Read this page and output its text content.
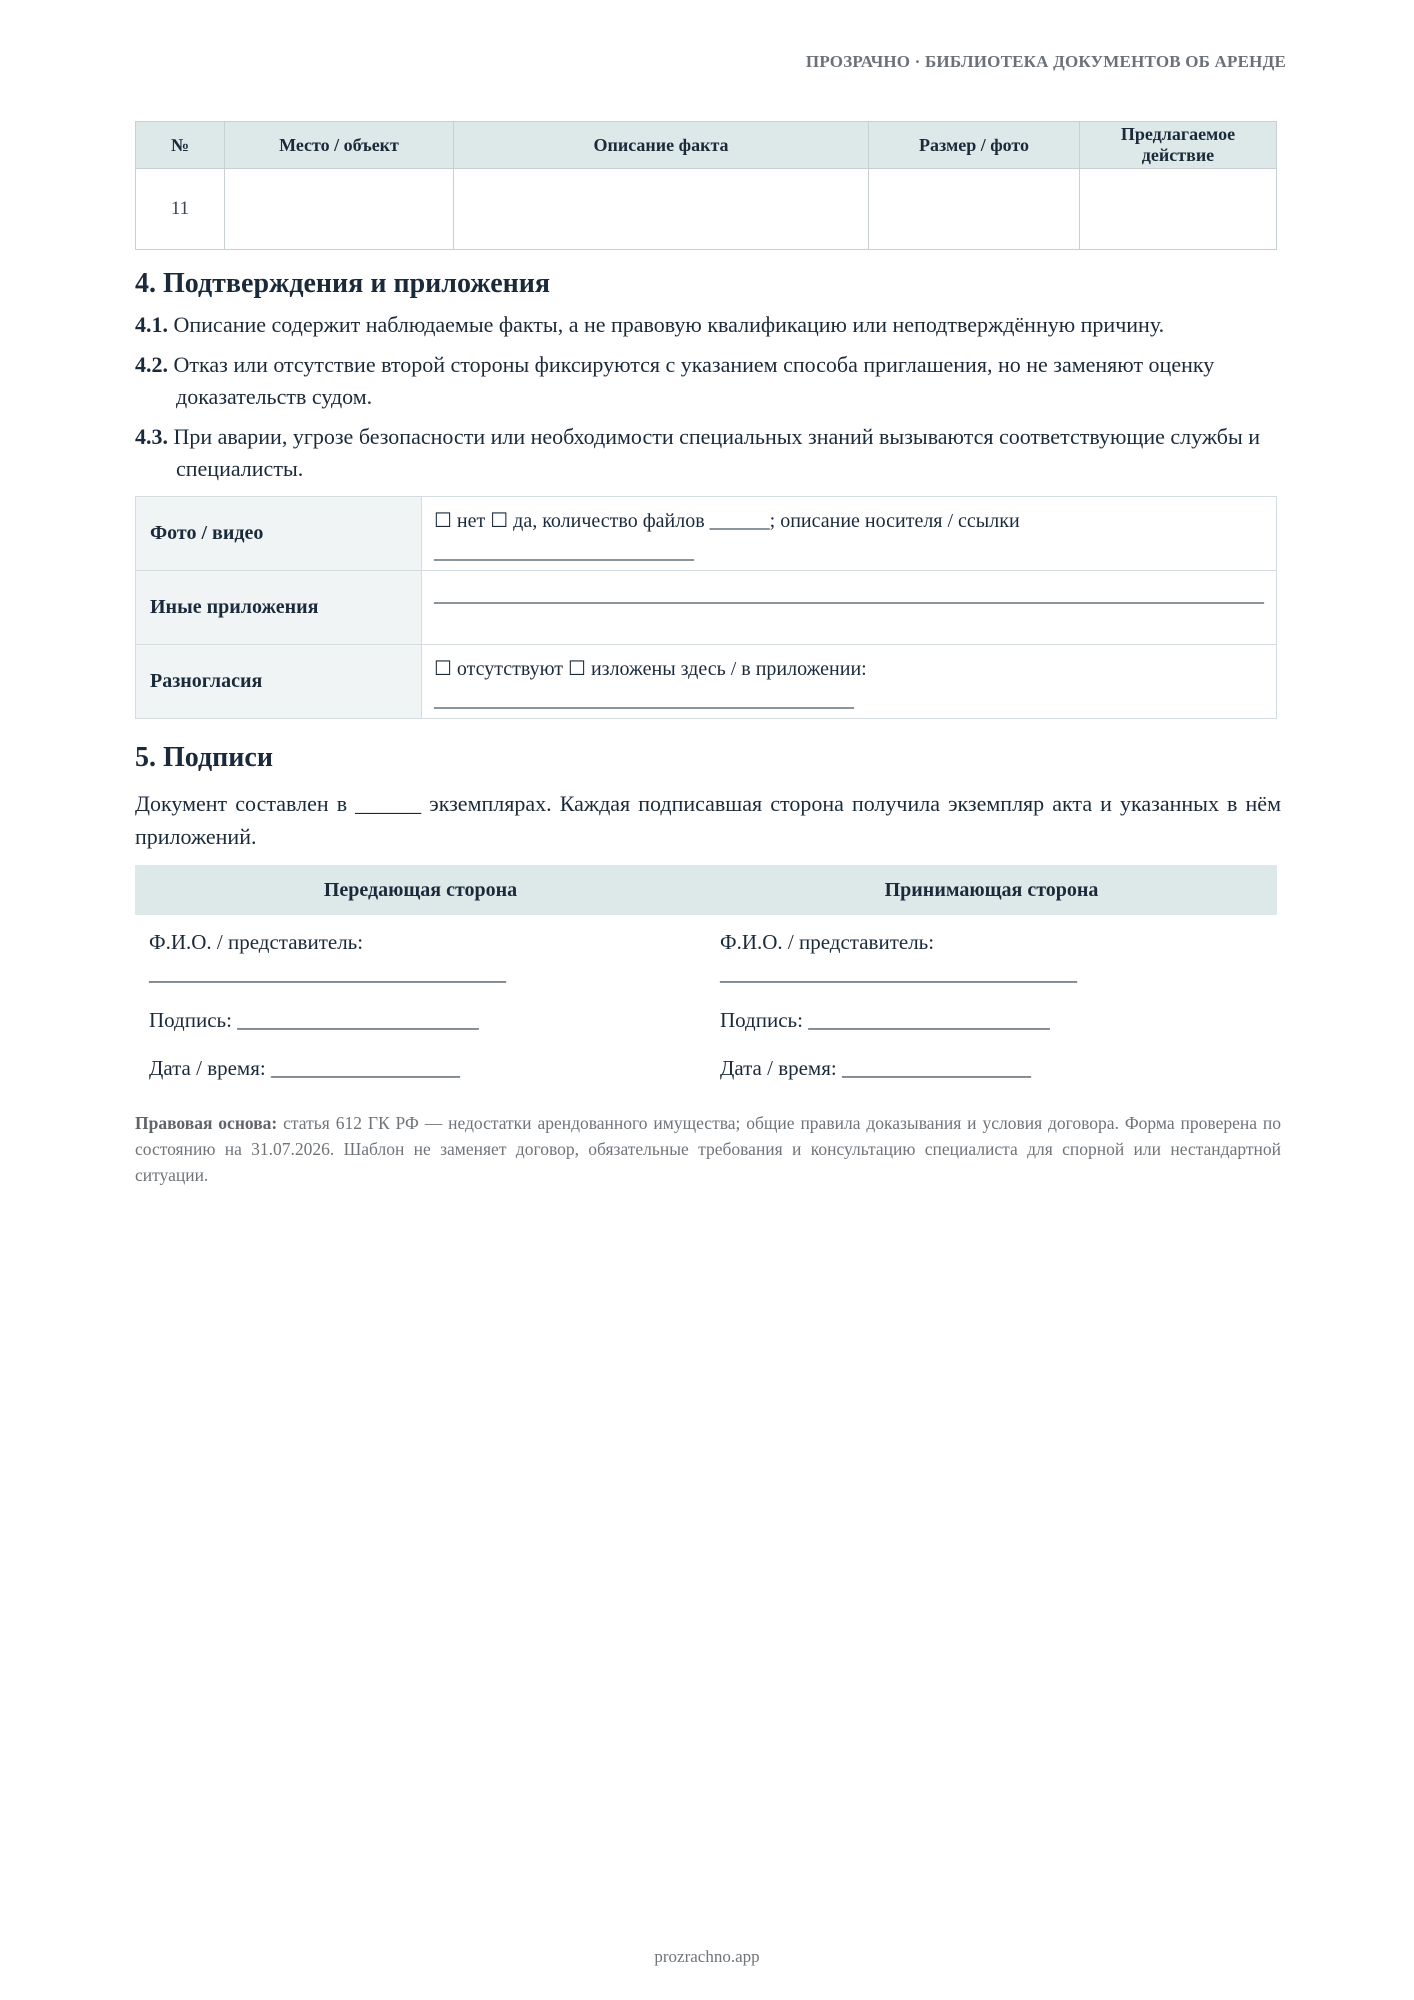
ПРОЗРАЧНО · БИБЛИОТЕКА ДОКУМЕНТОВ ОБ АРЕНДЕ
№	Место / объект	Описание факта	Размер / фото	Предлагаемое действие
11				
4. Подтверждения и приложения
4.1. Описание содержит наблюдаемые факты, а не правовую квалификацию или неподтверждённую причину.
4.2. Отказ или отсутствие второй стороны фиксируются с указанием способа приглашения, но не заменяют оценку доказательств судом.
4.3. При аварии, угрозе безопасности или необходимости специальных знаний вызываются соответствующие службы и специалисты.
Фото / видео	☐ нет ☐ да, количество файлов ______; описание носителя / ссылки __________________________
Иные приложения	___________________________________________________________________________________
Разногласия	☐ отсутствуют ☐ изложены здесь / в приложении: __________________________________________
5. Подписи
Документ составлен в ______ экземплярах. Каждая подписавшая сторона получила экземпляр акта и указанных в нём приложений.
Передающая сторона	Принимающая сторона
Ф.И.О. / представитель: __________________________________	Ф.И.О. / представитель: __________________________________
Подпись: _______________________	Подпись: _______________________
Дата / время: __________________	Дата / время: __________________
Правовая основа: статья 612 ГК РФ — недостатки арендованного имущества; общие правила доказывания и условия договора. Форма проверена по состоянию на 31.07.2026. Шаблон не заменяет договор, обязательные требования и консультацию специалиста для спорной или нестандартной ситуации.
prozrachno.app
